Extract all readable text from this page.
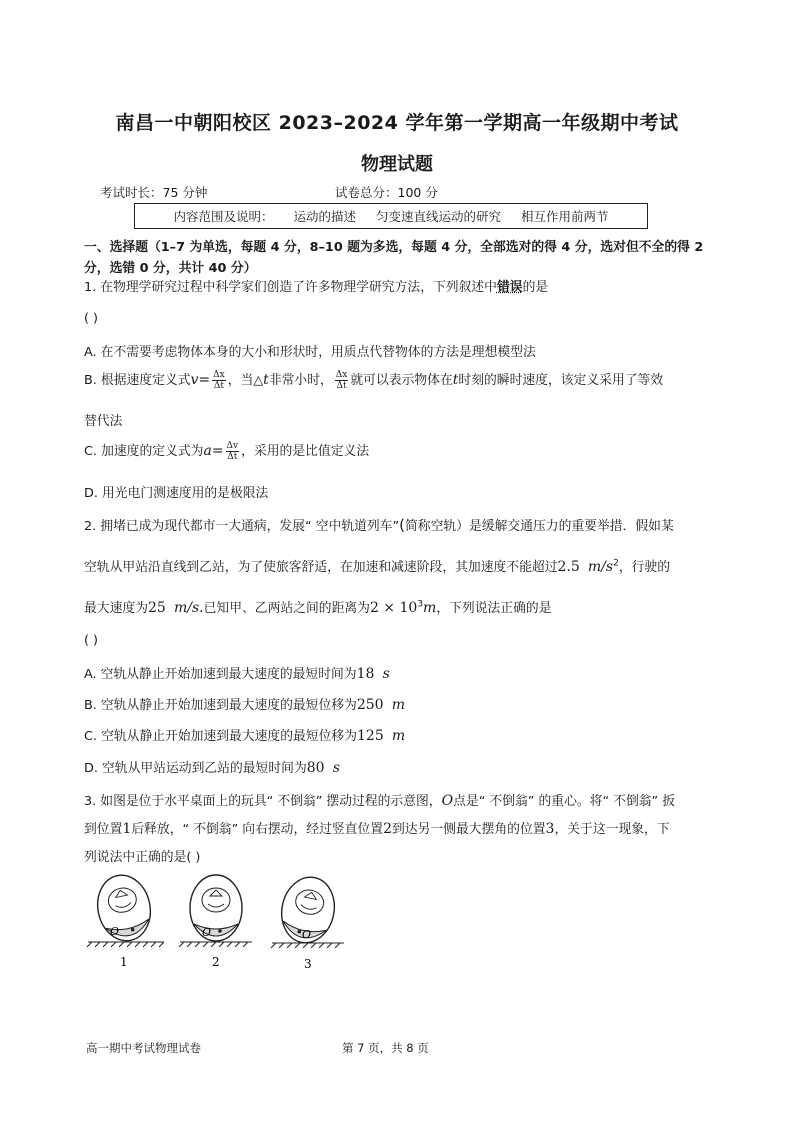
南昌一中朝阳校区 2023–2024 学年第一学期高一年级期中考试
物理试题
考试时长：75 分钟	试卷总分：100 分
内容范围及说明： 运动的描述 匀变速直线运动的研究 相互作用前两节
一、选择题（1–7 为单选，每题 4 分，8–10 题为多选，每题 4 分，全部选对的得 4 分，选对但不全的得 2
分，选错 0 分，共计 40 分）
1. 在物理学研究过程中科学家们创造了许多物理学研究方法，下列叙述中错误的是
( )
A. 在不需要考虑物体本身的大小和形状时，用质点代替物体的方法是理想模型法
B. 根据速度定义式$v= \frac{\Delta x}{\Delta t}$ ，当△t非常小时， $\frac{\Delta x}{\Delta t}$ 就可以表示物体在t时刻的瞬时速度，该定义采用了等效
替代法
C. 加速度的定义式为$a= \frac{\Delta v}{\Delta t}$ ，采用的是比值定义法
D. 用光电门测速度用的是极限法
2. 拥堵已成为现代都市一大通病，发展“ 空中轨道列车”(简称空轨）是缓解交通压力的重要举措．假如某
空轨从甲站沿直线到乙站，为了使旅客舒适，在加速和减速阶段，其加速度不能超过2.5 $m/s^2$，行驶的
最大速度为25 m/s.已知甲、乙两站之间的距离为$2 \times 10^3m$，下列说法正确的是
( )
A. 空轨从静止开始加速到最大速度的最短时间为18 s
B. 空轨从静止开始加速到最大速度的最短位移为250 m
C. 空轨从静止开始加速到最大速度的最短位移为125 m
D. 空轨从甲站运动到乙站的最短时间为80 s
3. 如图是位于水平桌面上的玩具“ 不倒翁” 摆动过程的示意图，O点是“ 不倒翁” 的重心。将“ 不倒翁” 扳
到位置1后释放，“ 不倒翁” 向右摆动，经过竖直位置2到达另一侧最大摆角的位置3，关于这一现象，下
列说法中正确的是( )
O	O	O
1	2	3
高一期中考试物理试卷	第 7 页，共 8 页
